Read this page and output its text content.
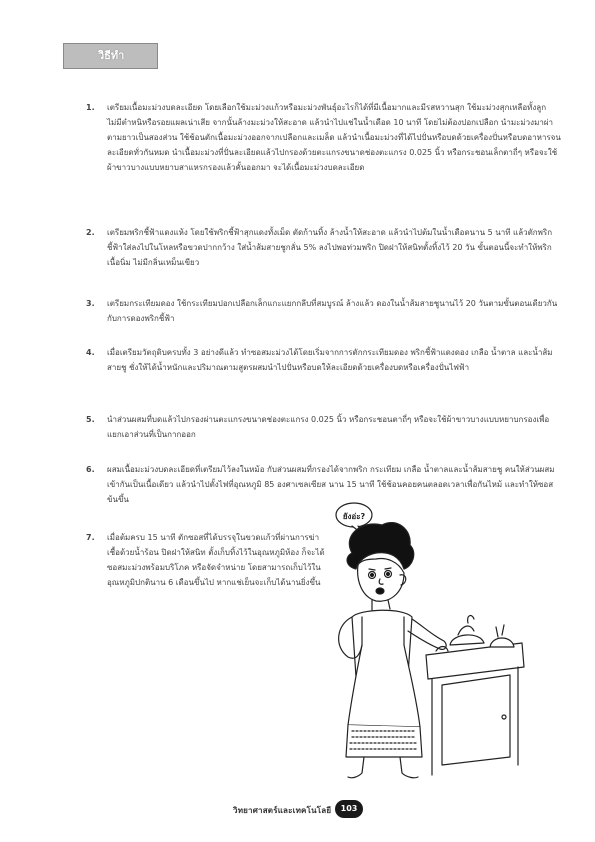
วิธีทำ
1.	เตรียมเนื้อมะม่วงบดละเอียด โดยเลือกใช้มะม่วงแก้วหรือมะม่วงพันธุ์อะไรก็ได้ที่มีเนื้อมากและมีรสหวานสุก ใช้มะม่วงสุกเหลือทั้งลูก ไม่มีตำหนิหรือรอยแผลเน่าเสีย จากนั้นล้างมะม่วงให้สะอาด แล้วนำไปแช่ในน้ำเดือด 10 นาที โดยไม่ต้องปอกเปลือก นำมะม่วงมาผ่าตามยาวเป็นสองส่วน ใช้ช้อนตักเนื้อมะม่วงออกจากเปลือกและเมล็ด แล้วนำเนื้อมะม่วงที่ได้ไปปั่นหรือบดด้วยเครื่องปั่นหรือบดอาหารจนละเอียดทั่วกันหมด นำเนื้อมะม่วงที่ปั่นละเอียดแล้วไปกรองด้วยตะแกรงขนาดช่องตะแกรง 0.025 นิ้ว หรือกระชอนเล็กตาถี่ๆ หรือจะใช้ผ้าขาวบางแบบหยาบสาแหรกรองแล้วคั้นออกมา จะได้เนื้อมะม่วงบดละเอียด
2.	เตรียมพริกชี้ฟ้าแดงแห้ง โดยใช้พริกชี้ฟ้าสุกแดงทั้งเม็ด ตัดก้านทิ้ง ล้างน้ำให้สะอาด แล้วนำไปต้มในน้ำเดือดนาน 5 นาที แล้วตักพริกชี้ฟ้าใส่ลงไปในโหลหรือขวดปากกว้าง ใส่น้ำส้มสายชูกลั่น 5% ลงไปพอท่วมพริก ปิดฝาให้สนิทตั้งทิ้งไว้ 20 วัน ขั้นตอนนี้จะทำให้พริกเนื้อนิ่ม ไม่มีกลิ่นเหม็นเขียว
3.	เตรียมกระเทียมดอง ใช้กระเทียมปอกเปลือกเล็กแกะแยกกลีบที่สมบูรณ์ ล้างแล้ว ดองในน้ำส้มสายชูนานไว้ 20 วันตามขั้นตอนเดียวกันกับการดองพริกชี้ฟ้า
4.	เมื่อเตรียมวัตถุดิบครบทั้ง 3 อย่างดีแล้ว ทำซอสมะม่วงได้โดยเริ่มจากการตักกระเทียมดอง พริกชี้ฟ้าแดงดอง เกลือ น้ำตาล และน้ำส้มสายชู ชั่งให้ได้น้ำหนักและปริมาณตามสูตรผสมนำไปปั่นหรือบดให้ละเอียดด้วยเครื่องบดหรือเครื่องปั่นไฟฟ้า
5.	นำส่วนผสมที่บดแล้วไปกรองผ่านตะแกรงขนาดช่องตะแกรง 0.025 นิ้ว หรือกระชอนตาถี่ๆ หรือจะใช้ผ้าขาวบางแบบหยาบกรองเพื่อแยกเอาส่วนที่เป็นกากออก
6.	ผสมเนื้อมะม่วงบดละเอียดที่เตรียมไว้ลงในหม้อ กับส่วนผสมที่กรองได้จากพริก กระเทียม เกลือ น้ำตาลและน้ำส้มสายชู คนให้ส่วนผสมเข้ากันเป็นเนื้อเดียว แล้วนำไปตั้งไฟที่อุณหภูมิ 85 องศาเซลเซียส นาน 15 นาที ใช้ช้อนคอยคนตลอดเวลาเพื่อกันไหม้ และทำให้ซอสข้นขึ้น
7.	เมื่อต้มครบ 15 นาที ตักซอสที่ได้บรรจุในขวดแก้วที่ผ่านการฆ่าเชื้อด้วยน้ำร้อน ปิดฝาให้สนิท ตั้งเก็บทิ้งไว้ในอุณหภูมิห้อง ก็จะได้ซอสมะม่วงพร้อมบริโภค หรือจัดจำหน่าย โดยสามารถเก็บไว้ในอุณหภูมิปกตินาน 6 เดือนขึ้นไป หากแช่เย็นจะเก็บได้นานยิ่งขึ้น
ยังอ่ะ?
วิทยาศาสตร์และเทคโนโลยี	103
